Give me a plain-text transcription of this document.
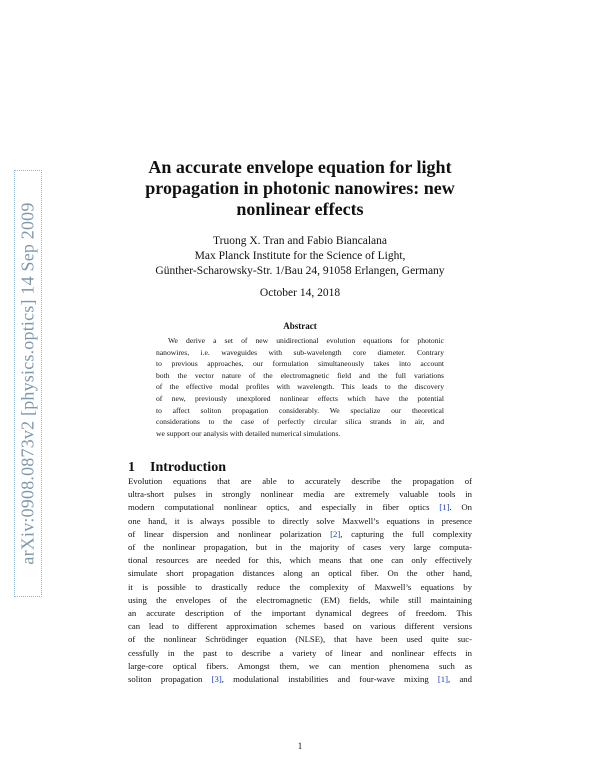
arXiv:0908.0873v2 [physics.optics] 14 Sep 2009
An accurate envelope equation for light
propagation in photonic nanowires: new
nonlinear effects
Truong X. Tran and Fabio Biancalana
Max Planck Institute for the Science of Light,
Günther-Scharowsky-Str. 1/Bau 24, 91058 Erlangen, Germany
October 14, 2018
Abstract
We derive a set of new unidirectional evolution equations for photonic
nanowires, i.e. waveguides with sub-wavelength core diameter. Contrary
to previous approaches, our formulation simultaneously takes into account
both the vector nature of the electromagnetic field and the full variations
of the effective modal profiles with wavelength. This leads to the discovery
of new, previously unexplored nonlinear effects which have the potential
to affect soliton propagation considerably. We specialize our theoretical
considerations to the case of perfectly circular silica strands in air, and
we support our analysis with detailed numerical simulations.
1 Introduction
Evolution equations that are able to accurately describe the propagation of
ultra-short pulses in strongly nonlinear media are extremely valuable tools in
modern computational nonlinear optics, and especially in fiber optics [1]. On
one hand, it is always possible to directly solve Maxwell’s equations in presence
of linear dispersion and nonlinear polarization [2], capturing the full complexity
of the nonlinear propagation, but in the majority of cases very large computa-
tional resources are needed for this, which means that one can only effectively
simulate short propagation distances along an optical fiber. On the other hand,
it is possible to drastically reduce the complexity of Maxwell’s equations by
using the envelopes of the electromagnetic (EM) fields, while still maintaining
an accurate description of the important dynamical degrees of freedom. This
can lead to different approximation schemes based on various different versions
of the nonlinear Schrödinger equation (NLSE), that have been used quite suc-
cessfully in the past to describe a variety of linear and nonlinear effects in
large-core optical fibers. Amongst them, we can mention phenomena such as
soliton propagation [3], modulational instabilities and four-wave mixing [1], and
1
